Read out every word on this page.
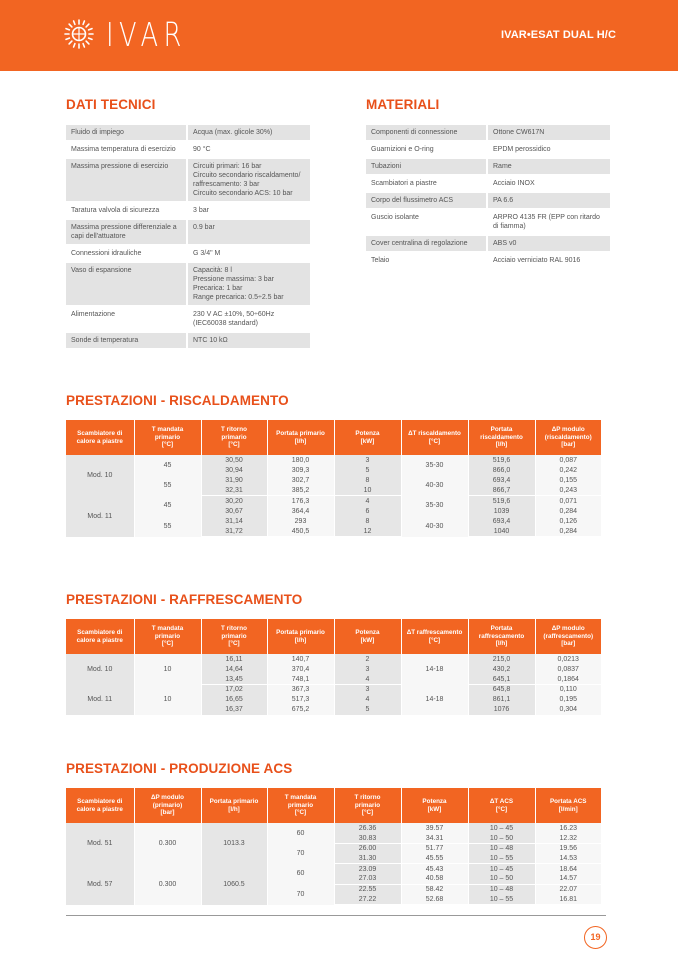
IVAR	IVAR•ESAT DUAL H/C
DATI TECNICI	MATERIALI
Fluido di impiego	Acqua (max. glicole 30%)

Massima temperatura di esercizio	90 °C

Massima pressione di esercizio	Circuiti primari: 16 bar
Circuito secondario riscaldamento/
raffrescamento: 3 bar
Circuito secondario ACS: 10 bar

Taratura valvola di sicurezza	3 bar

Massima pressione differenziale a capi dell'attuatore	0.9 bar

Connessioni idrauliche	G 3/4" M

Vaso di espansione	Capacità: 8 l
Pressione massima: 3 bar
Precarica: 1 bar
Range precarica: 0.5÷2.5 bar

Alimentazione	230 V AC ±10%, 50÷60Hz
(IEC60038 standard)

Sonde di temperatura	NTC 10 kΩ
Componenti di connessione	Ottone CW617N

Guarnizioni e O-ring	EPDM perossidico

Tubazioni	Rame

Scambiatori a piastre	Acciaio INOX

Corpo del flussimetro ACS	PA 6.6

Guscio isolante	ARPRO 4135 FR (EPP con ritardo
di fiamma)

Cover centralina di regolazione	ABS v0

Telaio	Acciaio verniciato RAL 9016
PRESTAZIONI - RISCALDAMENTO
Scambiatore di
calore a piastre	T mandata
primario
[°C]	T ritorno
primario
[°C]	Portata primario
[l/h]	Potenza
[kW]	ΔT riscaldamento
[°C]	Portata
riscaldamento
[l/h]	ΔP modulo
(riscaldamento)
[bar]
Mod. 10	45	30,50	180,0	3	35-30	519,6	0,087
		30,94	309,3	5		866,0	0,242
	55	31,90	302,7	8	40-30	693,4	0,155
		32,31	385,2	10		866,7	0,243
Mod. 11	45	30,20	176,3	4	35-30	519,6	0,071
		30,67	364,4	6		1039	0,284
	55	31,14	293	8	40-30	693,4	0,126
		31,72	450,5	12		1040	0,284
PRESTAZIONI - RAFFRESCAMENTO
Scambiatore di
calore a piastre	T mandata
primario
[°C]	T ritorno
primario
[°C]	Portata primario
[l/h]	Potenza
[kW]	ΔT raffrescamento
[°C]	Portata
raffrescamento
[l/h]	ΔP modulo
(raffrescamento)
[bar]
Mod. 10	10	16,11	140,7	2	14-18	215,0	0,0213
		14,64	370,4	3		430,2	0,0837
		13,45	748,1	4		645,1	0,1864
Mod. 11	10	17,02	367,3	3	14-18	645,8	0,110
		16,65	517,3	4		861,1	0,195
		16,37	675,2	5		1076	0,304
PRESTAZIONI - PRODUZIONE ACS
Scambiatore di
calore a piastre	ΔP modulo
(primario)
[bar]	Portata primario
[l/h]	T mandata
primario
[°C]	T ritorno
primario
[°C]	Potenza
[kW]	ΔT ACS
[°C]	Portata ACS
[l/min]
Mod. 51	0.300	1013.3	60	26.36	39.57	10 – 45	16.23
				30.83	34.31	10 – 50	12.32
			70	26.00	51.77	10 – 48	19.56
				31.30	45.55	10 – 55	14.53
Mod. 57	0.300	1060.5	60	23.09	45.43	10 – 45	18.64
				27.03	40.58	10 – 50	14.57
			70	22.55	58.42	10 – 48	22.07
				27.22	52.68	10 – 55	16.81
19
